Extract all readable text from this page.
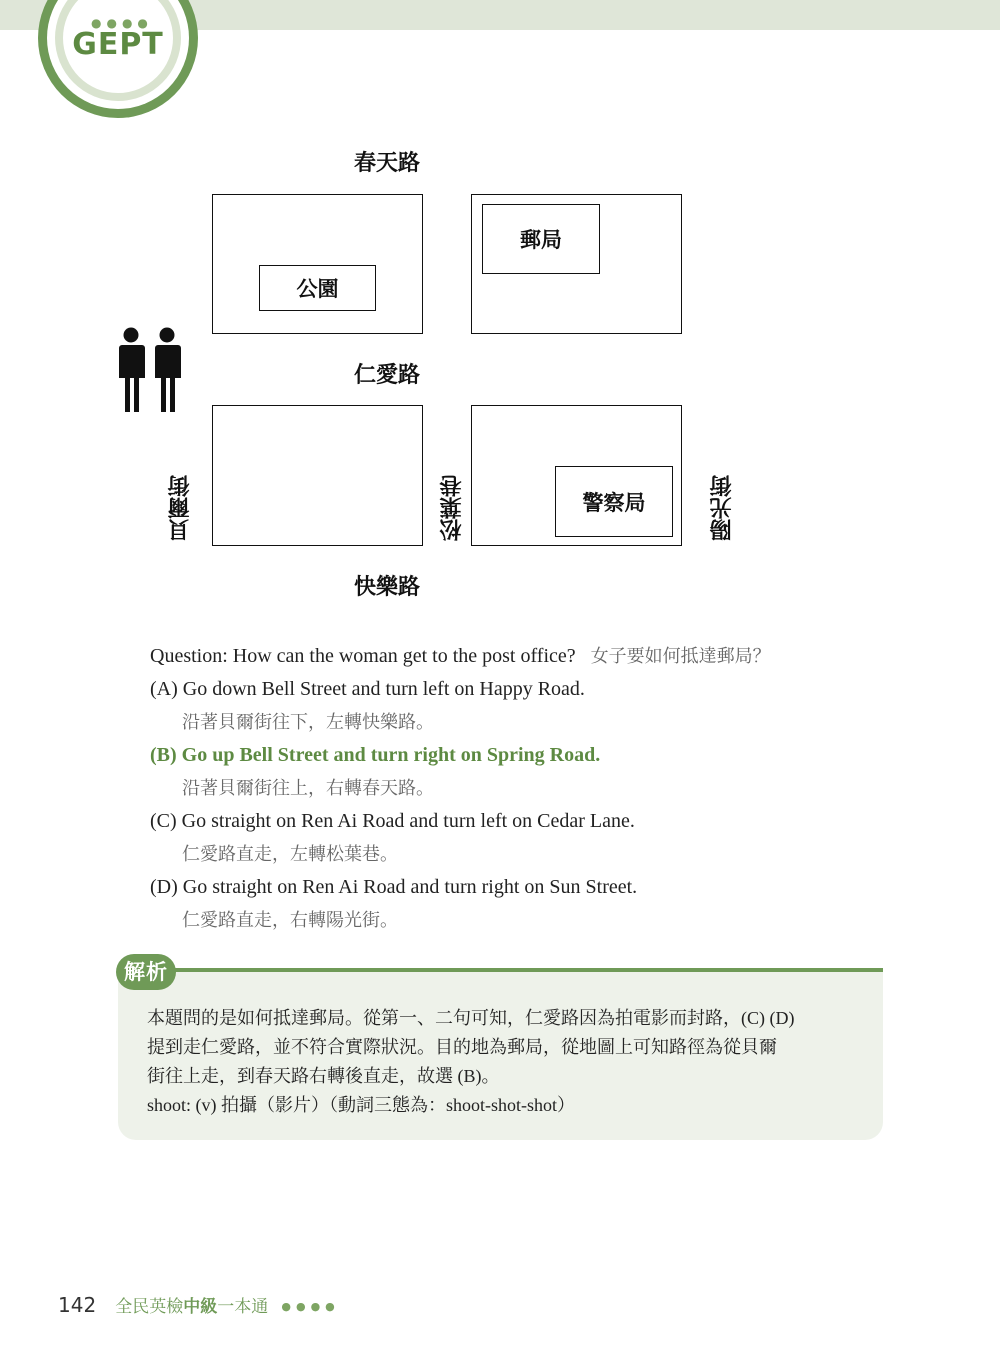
●●●●
GEPT
春天路
仁愛路
快樂路
貝爾街	松葉巷	陽光街
公園
郵局
警察局
Question: How can the woman get to the post office? 女子要如何抵達郵局？
(A) Go down Bell Street and turn left on Happy Road.
沿著貝爾街往下，左轉快樂路。
(B) Go up Bell Street and turn right on Spring Road.
沿著貝爾街往上，右轉春天路。
(C) Go straight on Ren Ai Road and turn left on Cedar Lane.
仁愛路直走，左轉松葉巷。
(D) Go straight on Ren Ai Road and turn right on Sun Street.
仁愛路直走，右轉陽光街。
解析
本題問的是如何抵達郵局。從第一、二句可知，仁愛路因為拍電影而封路，(C) (D)
提到走仁愛路，並不符合實際狀況。目的地為郵局，從地圖上可知路徑為從貝爾
街往上走，到春天路右轉後直走，故選 (B)。
shoot: (v) 拍攝（影片）（動詞三態為：shoot-shot-shot）
142 全民英檢中級一本通 ●●●●
